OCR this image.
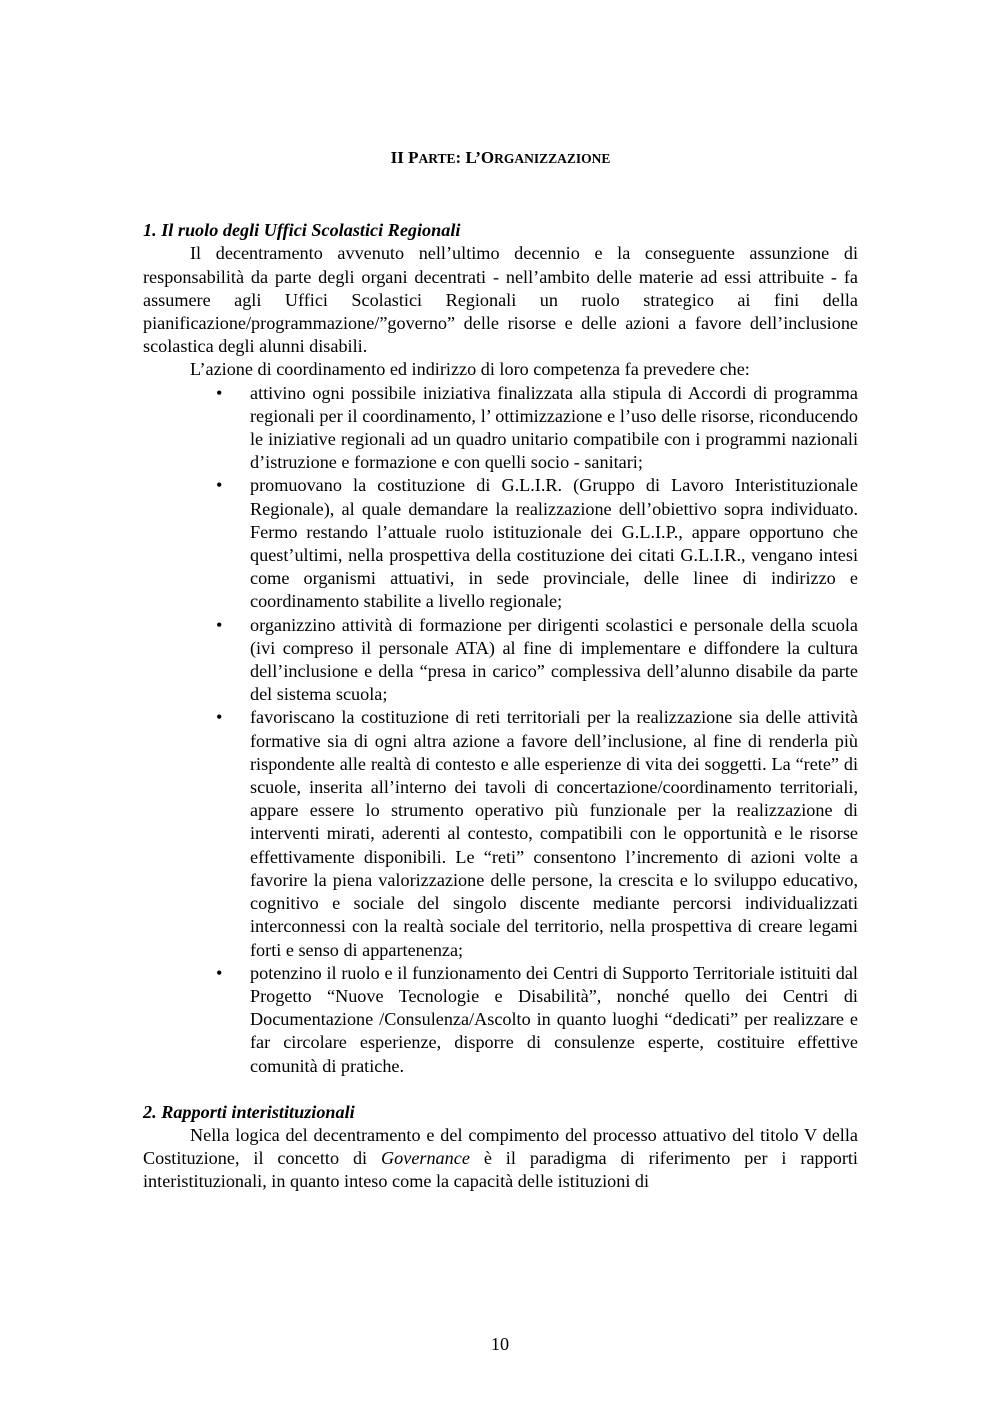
II PARTE: L’ORGANIZZAZIONE
1. Il ruolo degli Uffici Scolastici Regionali

Il decentramento avvenuto nell’ultimo decennio e la conseguente assunzione di responsabilità da parte degli organi decentrati - nell’ambito delle materie ad essi attribuite - fa assumere agli Uffici Scolastici Regionali un ruolo strategico ai fini della pianificazione/programmazione/”governo” delle risorse e delle azioni a favore dell’inclusione scolastica degli alunni disabili.

L’azione di coordinamento ed indirizzo di loro competenza fa prevedere che:

• attivino ogni possibile iniziativa finalizzata alla stipula di Accordi di programma regionali per il coordinamento, l’ ottimizzazione e l’uso delle risorse, riconducendo le iniziative regionali ad un quadro unitario compatibile con i programmi nazionali d’istruzione e formazione e con quelli socio - sanitari;
• promuovano la costituzione di G.L.I.R. (Gruppo di Lavoro Interistituzionale Regionale), al quale demandare la realizzazione dell’obiettivo sopra individuato. Fermo restando l’attuale ruolo istituzionale dei G.L.I.P., appare opportuno che quest’ultimi, nella prospettiva della costituzione dei citati G.L.I.R., vengano intesi come organismi attuativi, in sede provinciale, delle linee di indirizzo e coordinamento stabilite a livello regionale;
• organizzino attività di formazione per dirigenti scolastici e personale della scuola (ivi compreso il personale ATA) al fine di implementare e diffondere la cultura dell’inclusione e della “presa in carico” complessiva dell’alunno disabile da parte del sistema scuola;
• favoriscano la costituzione di reti territoriali per la realizzazione sia delle attività formative sia di ogni altra azione a favore dell’inclusione, al fine di renderla più rispondente alle realtà di contesto e alle esperienze di vita dei soggetti. La “rete” di scuole, inserita all’interno dei tavoli di concertazione/coordinamento territoriali, appare essere lo strumento operativo più funzionale per la realizzazione di interventi mirati, aderenti al contesto, compatibili con le opportunità e le risorse effettivamente disponibili. Le “reti” consentono l’incremento di azioni volte a favorire la piena valorizzazione delle persone, la crescita e lo sviluppo educativo, cognitivo e sociale del singolo discente mediante percorsi individualizzati interconnessi con la realtà sociale del territorio, nella prospettiva di creare legami forti e senso di appartenenza;
• potenzino il ruolo e il funzionamento dei Centri di Supporto Territoriale istituiti dal Progetto “Nuove Tecnologie e Disabilità”, nonché quello dei Centri di Documentazione /Consulenza/Ascolto in quanto luoghi “dedicati” per realizzare e far circolare esperienze, disporre di consulenze esperte, costituire effettive comunità di pratiche.
2. Rapporti interistituzionali

Nella logica del decentramento e del compimento del processo attuativo del titolo V della Costituzione, il concetto di Governance è il paradigma di riferimento per i rapporti interistituzionali, in quanto inteso come la capacità delle istituzioni di

10
